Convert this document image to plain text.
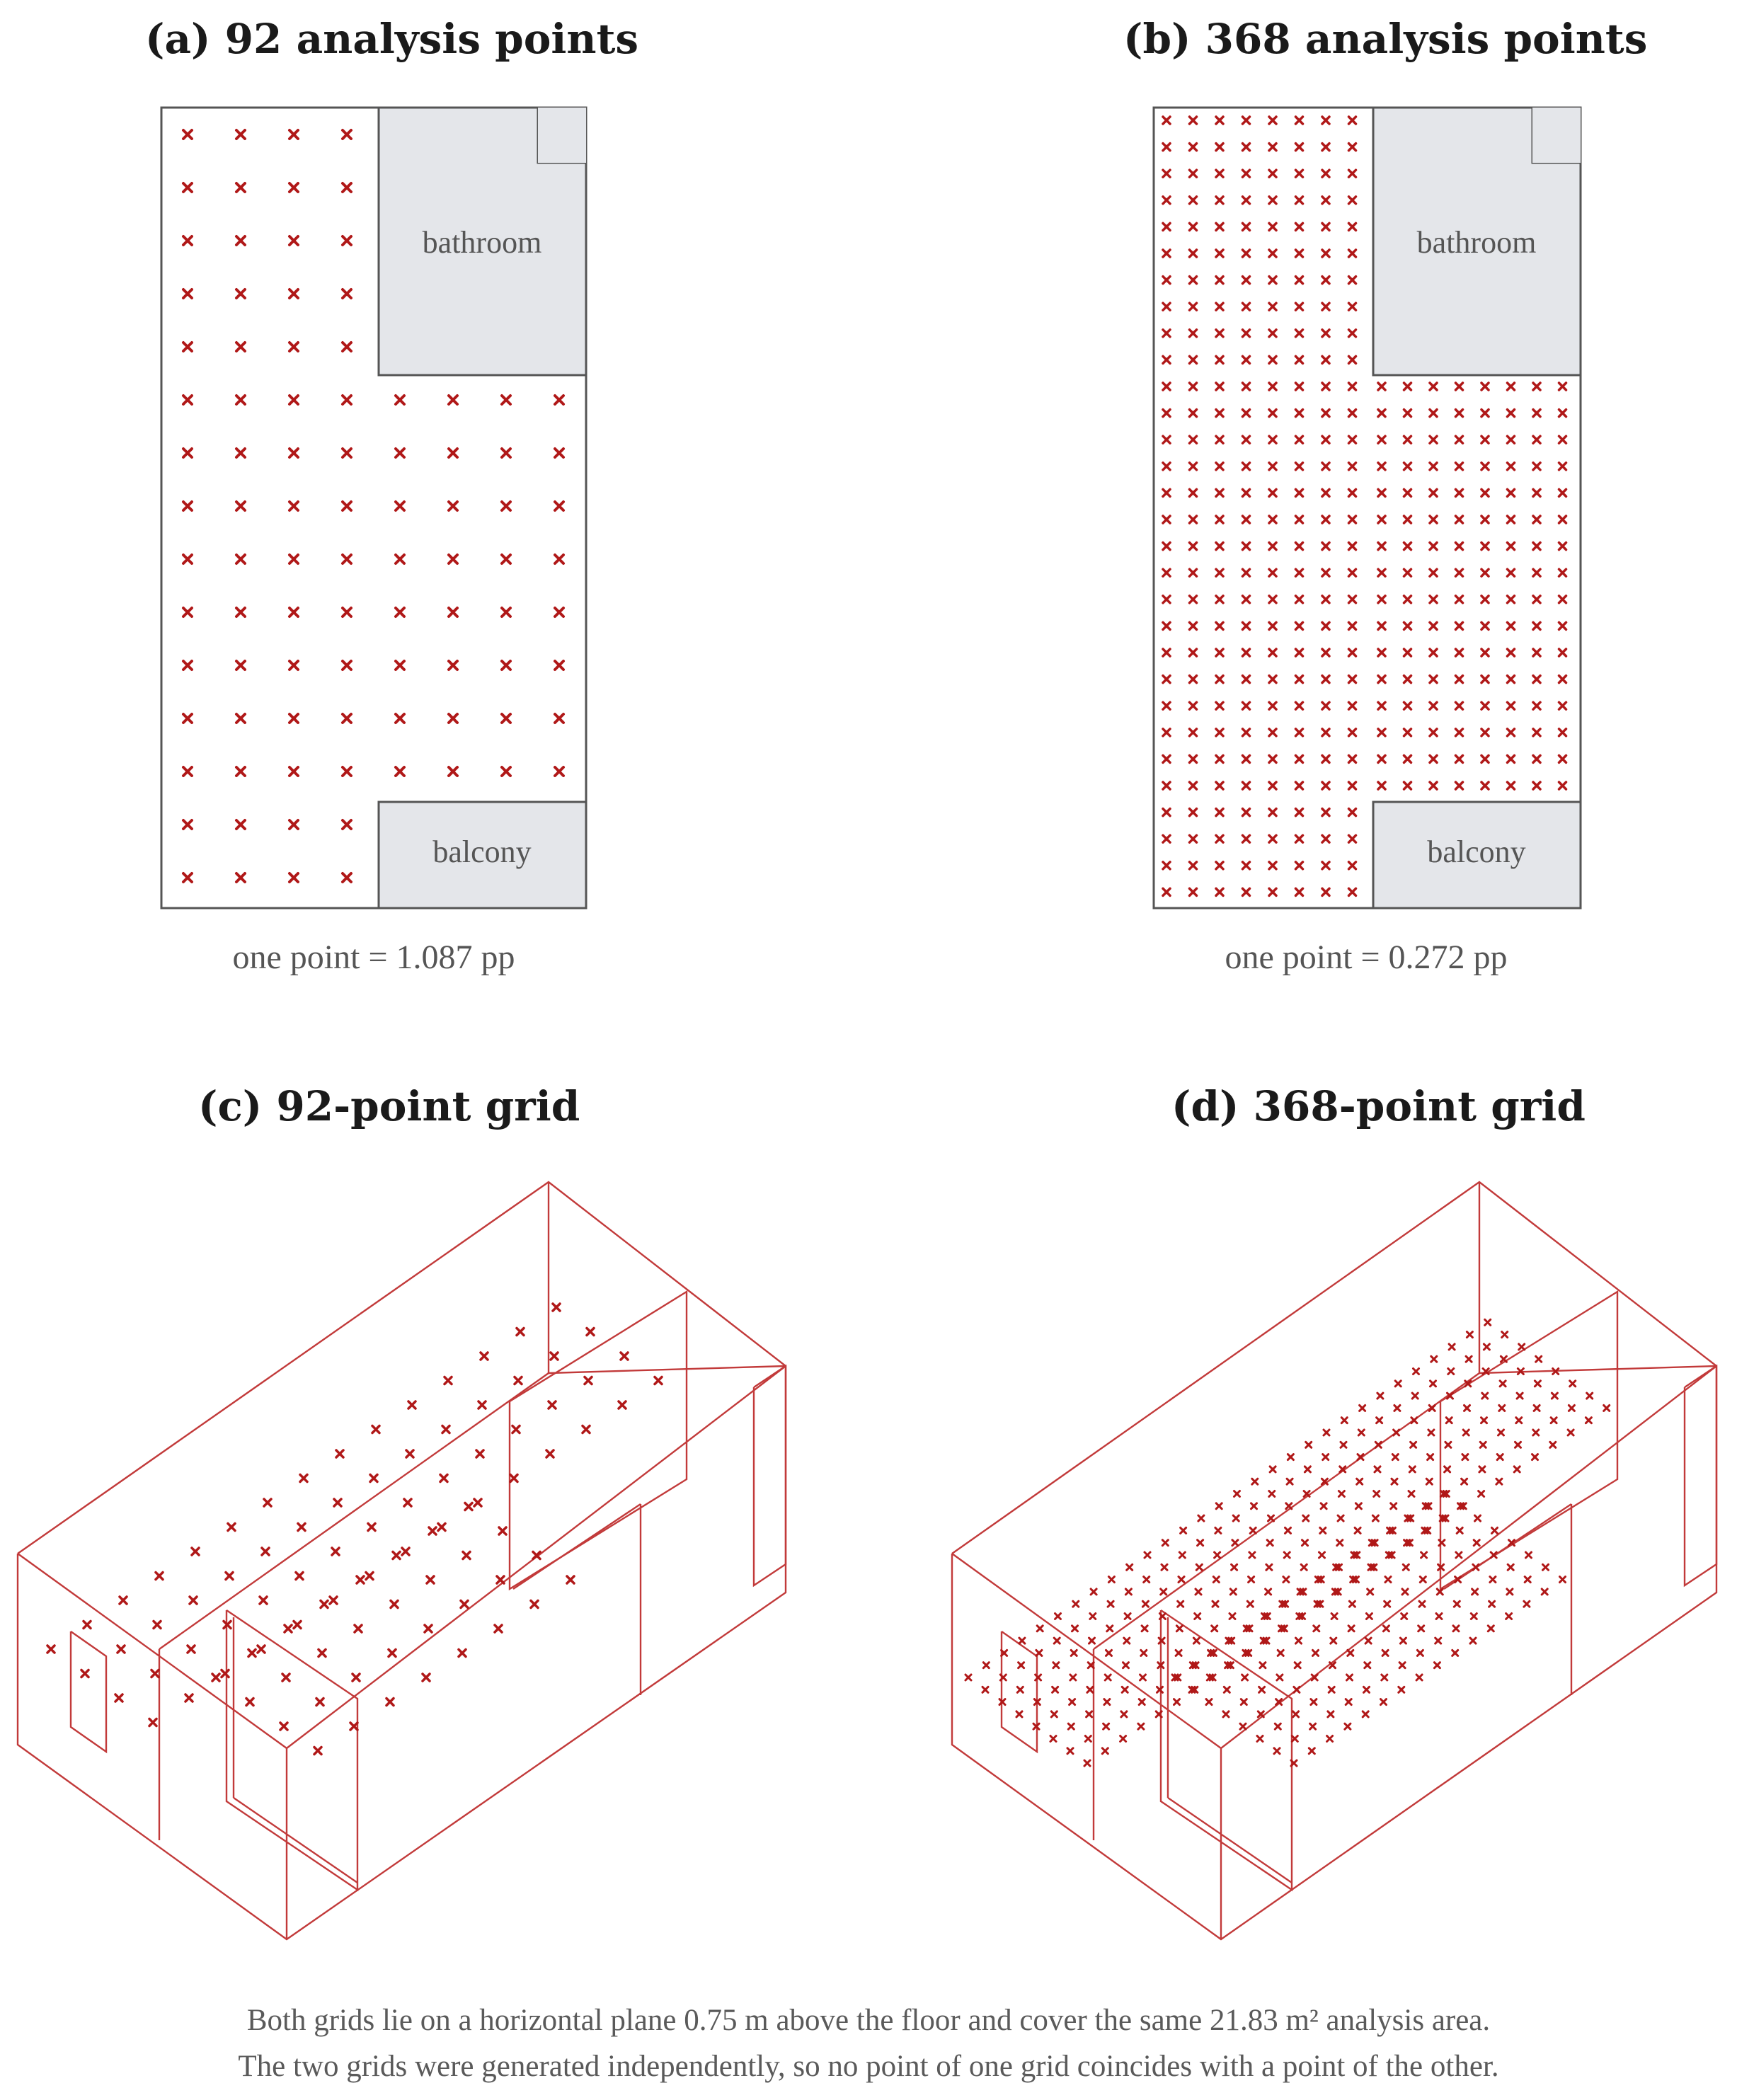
(a) 92 analysis points	(b) 368 analysis points
(c) 92-point grid	(d) 368-point grid
bathroom
balcony
one point = 1.087 pp
bathroom
balcony
one point = 0.272 pp
Both grids lie on a horizontal plane 0.75 m above the floor and cover the same 21.83 m² analysis area.
The two grids were generated independently, so no point of one grid coincides with a point of the other.
